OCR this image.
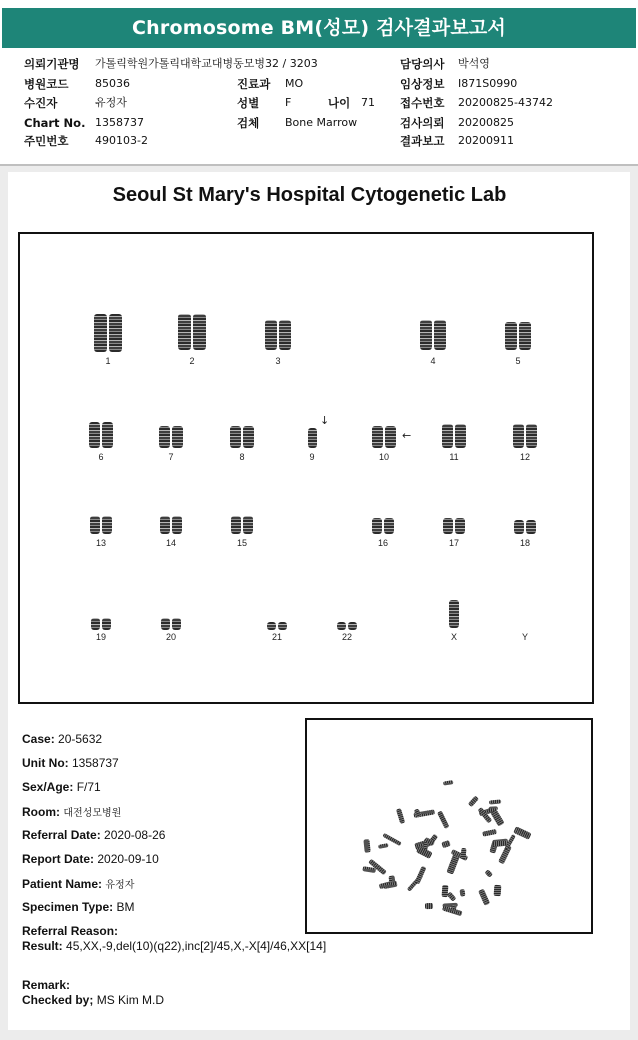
Chromosome BM(성모) 검사결과보고서
의뢰기관명 가톨릭학원가톨릭대학교대병동모병32 / 3203	담당의사 박석영
병원코드 85036	진료과 MO	임상정보 I871S0990
수진자	유정자	성별 F	나이 71 접수번호 20200825-43742
Chart No. 1358737	검체 Bone Marrow	검사의뢰 20200825
주민번호 490103-2	결과보고 20200911
Seoul St Mary's Hospital Cytogenetic Lab
↓
←
1	2	3	4	5
6	7	8	9	10	11	12
13	14	15	16	17	18
19	20	21	22	X	Y
Case: 20-5632
Unit No: 1358737
Sex/Age: F/71
Room: 대전성모병원
Referral Date: 2020-08-26
Report Date: 2020-09-10
Patient Name: 유정자
Specimen Type: BM
Referral Reason:
Result: 45,XX,-9,del(10)(q22),inc[2]/45,X,-X[4]/46,XX[14]
Remark:
Checked by; MS Kim M.D
